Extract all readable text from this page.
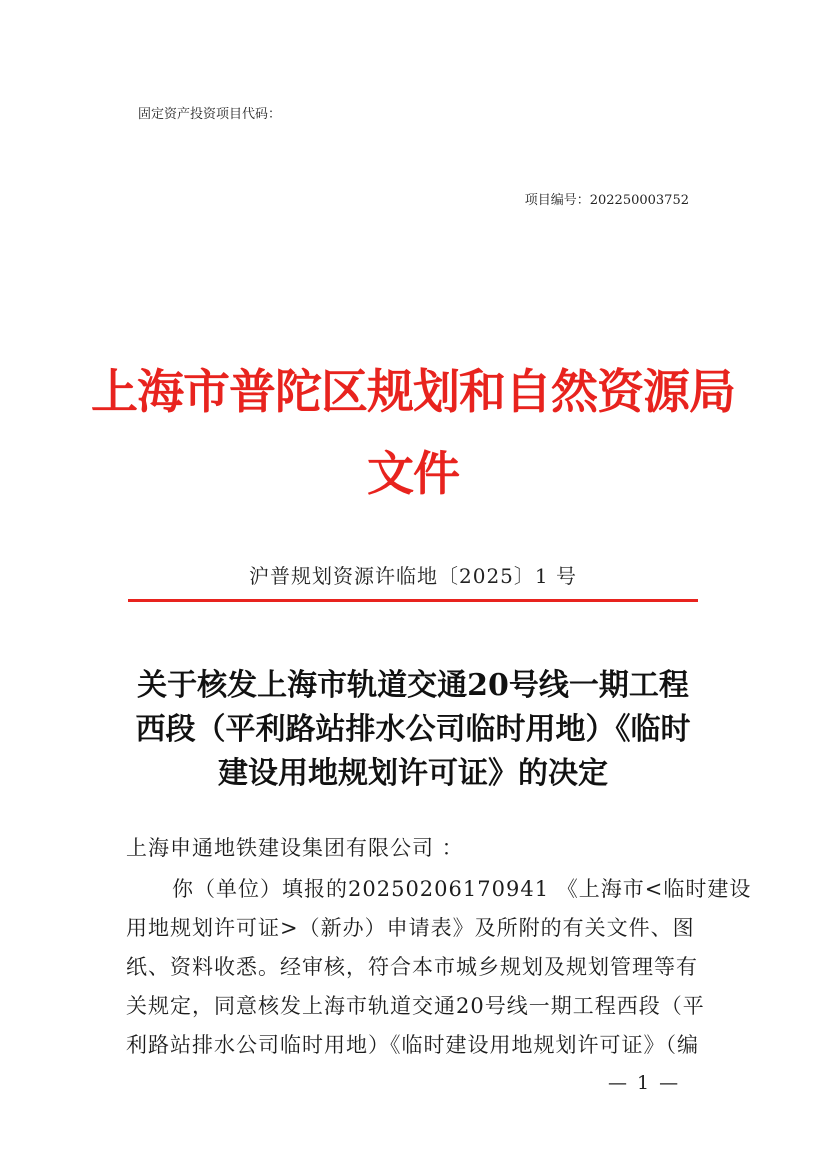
固定资产投资项目代码：
项目编号：202250003752
上海市普陀区规划和自然资源局
文件
沪普规划资源许临地〔2025〕1 号
关于核发上海市轨道交通20号线一期工程
西段（平利路站排水公司临时用地）《临时
建设用地规划许可证》的决定
上海申通地铁建设集团有限公司 ：
你（单位）填报的20250206170941 《上海市<临时建设
用地规划许可证>（新办）申请表》及所附的有关文件、图
纸、资料收悉。经审核，符合本市城乡规划及规划管理等有
关规定，同意核发上海市轨道交通20号线一期工程西段（平
利路站排水公司临时用地）《临时建设用地规划许可证》（编
— 1 —
